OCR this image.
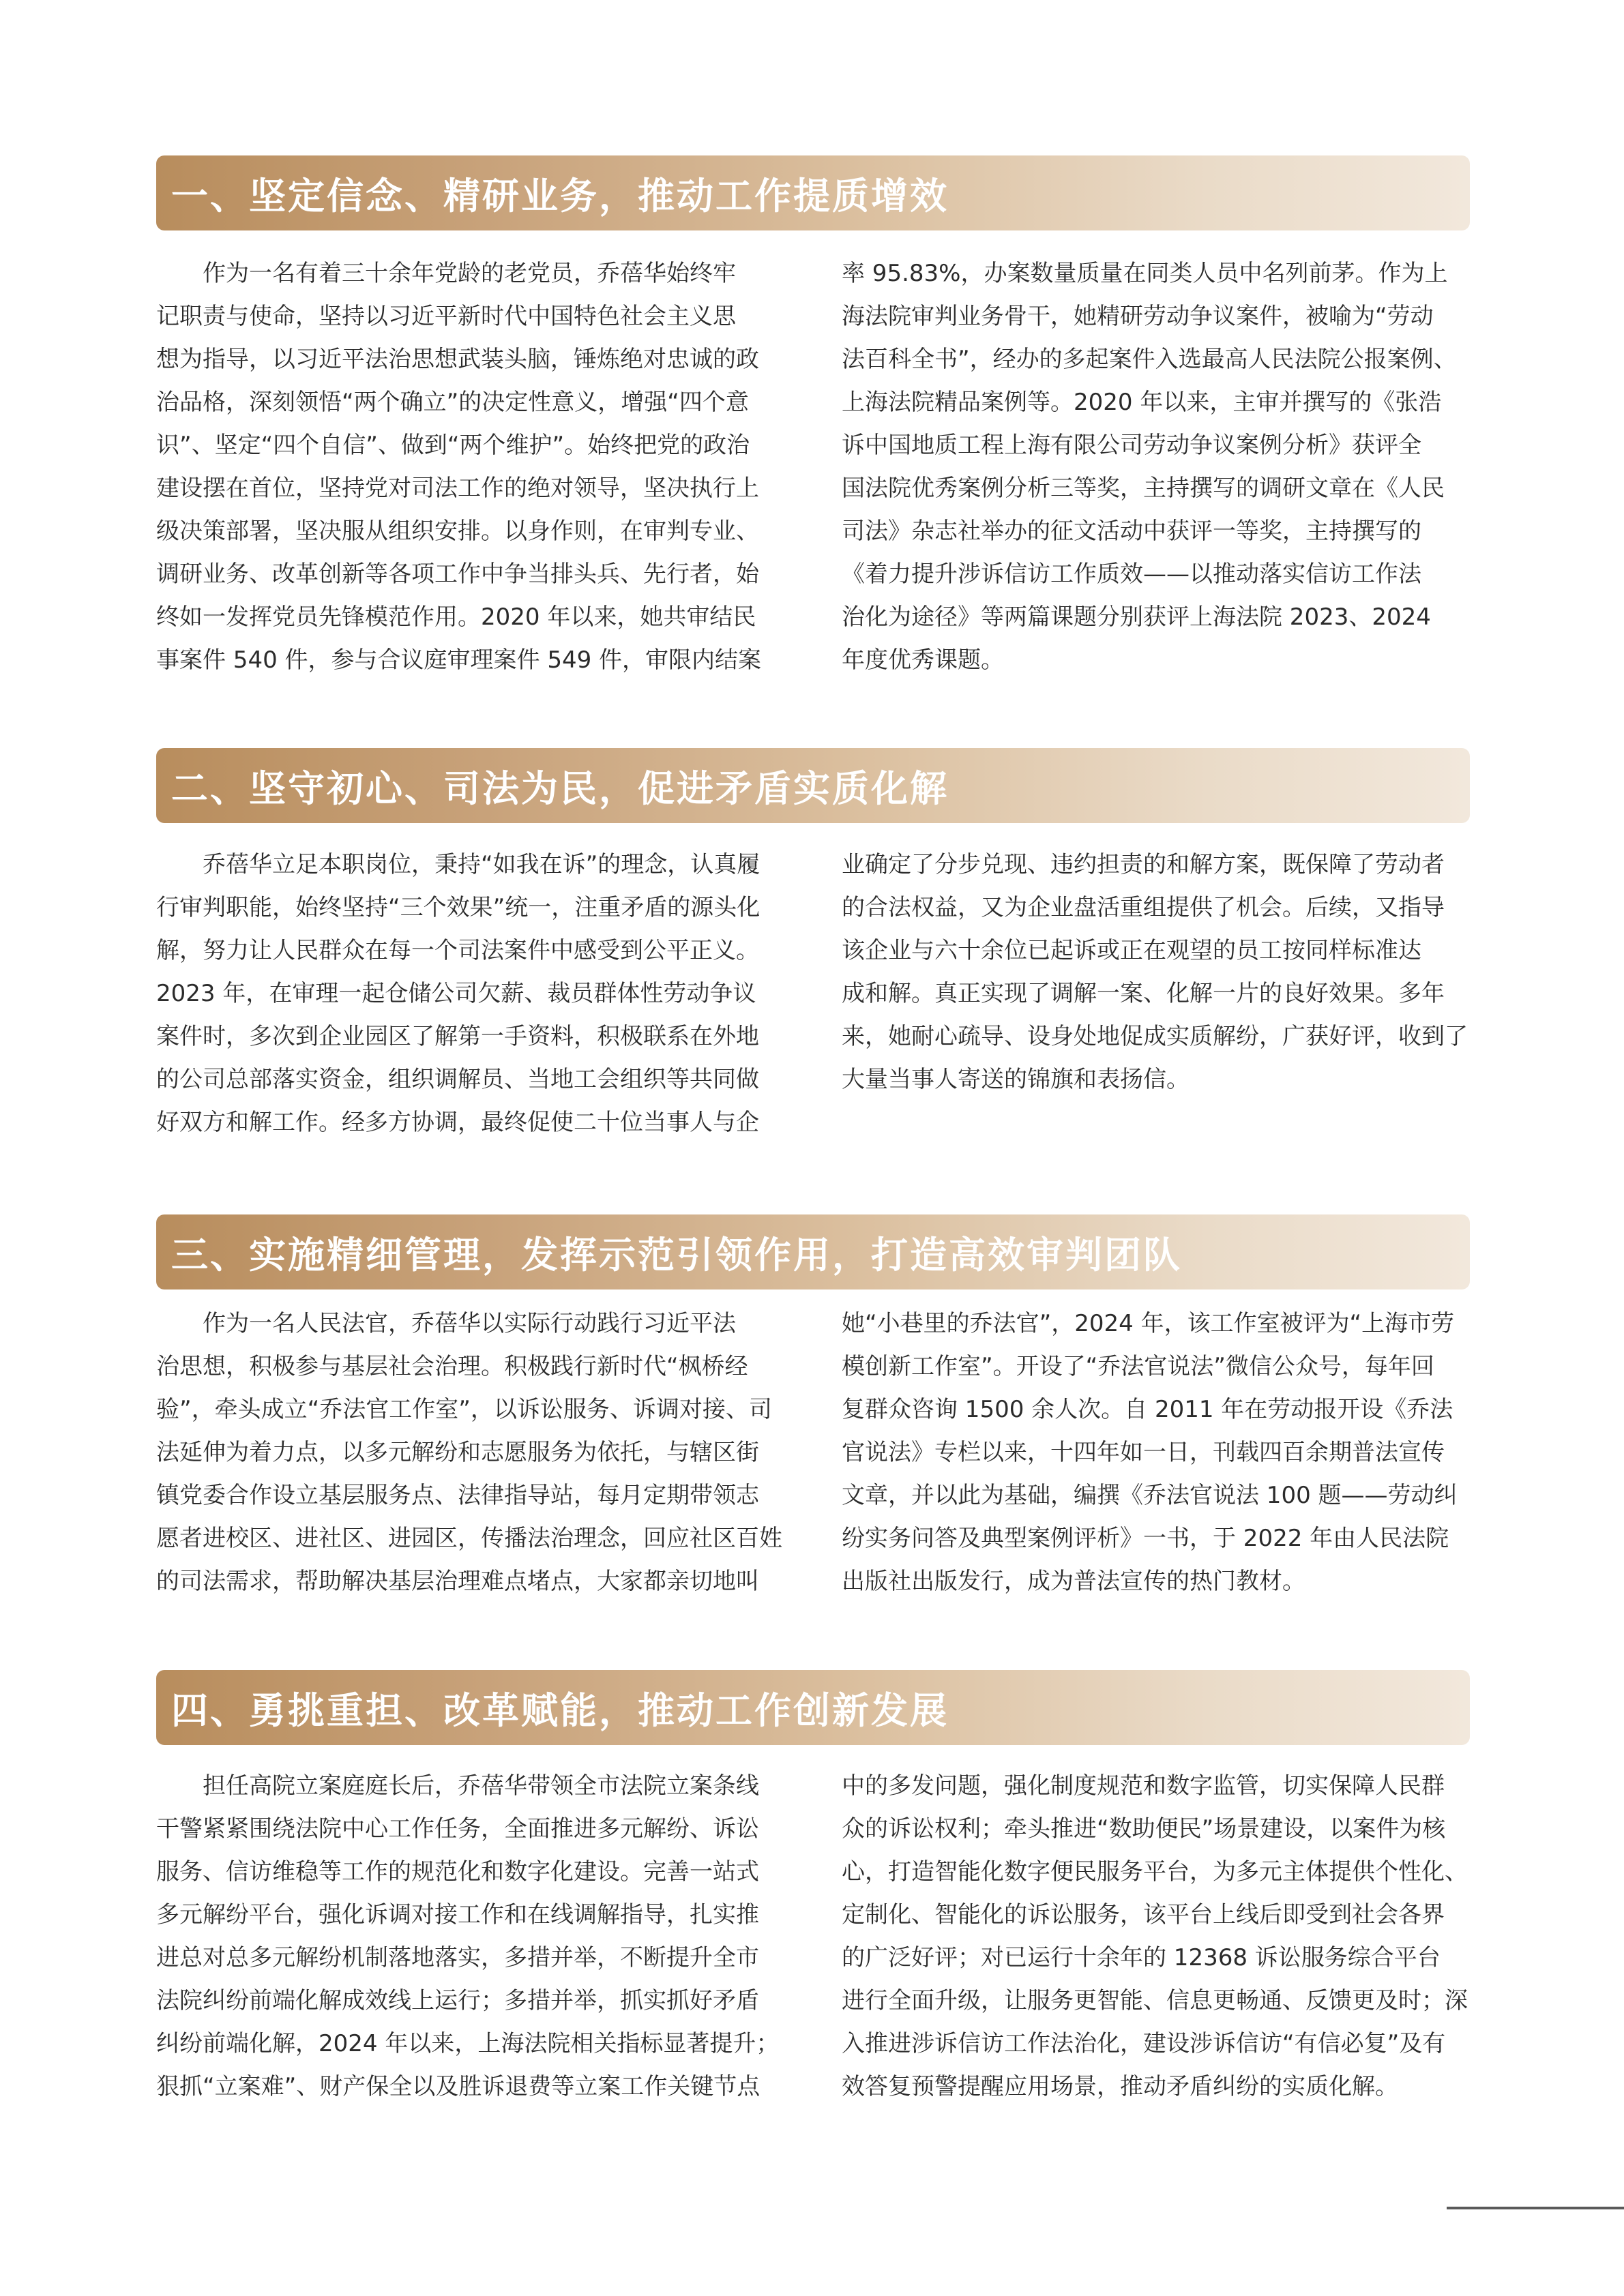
一、坚定信念、精研业务，推动工作提质增效

作为一名有着三十余年党龄的老党员，乔蓓华始终牢
记职责与使命，坚持以习近平新时代中国特色社会主义思
想为指导，以习近平法治思想武装头脑，锤炼绝对忠诚的政
治品格，深刻领悟“两个确立”的决定性意义，增强“四个意
识”、坚定“四个自信”、做到“两个维护”。始终把党的政治
建设摆在首位，坚持党对司法工作的绝对领导，坚决执行上
级决策部署，坚决服从组织安排。以身作则，在审判专业、
调研业务、改革创新等各项工作中争当排头兵、先行者，始
终如一发挥党员先锋模范作用。2020 年以来，她共审结民
事案件 540 件，参与合议庭审理案件 549 件，审限内结案

率 95.83%，办案数量质量在同类人员中名列前茅。作为上
海法院审判业务骨干，她精研劳动争议案件，被喻为“劳动
法百科全书”，经办的多起案件入选最高人民法院公报案例、
上海法院精品案例等。2020 年以来，主审并撰写的《张浩
诉中国地质工程上海有限公司劳动争议案例分析》获评全
国法院优秀案例分析三等奖，主持撰写的调研文章在《人民
司法》杂志社举办的征文活动中获评一等奖，主持撰写的
《着力提升涉诉信访工作质效——以推动落实信访工作法
治化为途径》等两篇课题分别获评上海法院 2023、2024
年度优秀课题。

二、坚守初心、司法为民，促进矛盾实质化解

乔蓓华立足本职岗位，秉持“如我在诉”的理念，认真履
行审判职能，始终坚持“三个效果”统一，注重矛盾的源头化
解，努力让人民群众在每一个司法案件中感受到公平正义。
2023 年，在审理一起仓储公司欠薪、裁员群体性劳动争议
案件时，多次到企业园区了解第一手资料，积极联系在外地
的公司总部落实资金，组织调解员、当地工会组织等共同做
好双方和解工作。经多方协调，最终促使二十位当事人与企

业确定了分步兑现、违约担责的和解方案，既保障了劳动者
的合法权益，又为企业盘活重组提供了机会。后续，又指导
该企业与六十余位已起诉或正在观望的员工按同样标准达
成和解。真正实现了调解一案、化解一片的良好效果。多年
来，她耐心疏导、设身处地促成实质解纷，广获好评，收到了
大量当事人寄送的锦旗和表扬信。

三、实施精细管理，发挥示范引领作用，打造高效审判团队

作为一名人民法官，乔蓓华以实际行动践行习近平法
治思想，积极参与基层社会治理。积极践行新时代“枫桥经
验”，牵头成立“乔法官工作室”，以诉讼服务、诉调对接、司
法延伸为着力点，以多元解纷和志愿服务为依托，与辖区街
镇党委合作设立基层服务点、法律指导站，每月定期带领志
愿者进校区、进社区、进园区，传播法治理念，回应社区百姓
的司法需求，帮助解决基层治理难点堵点，大家都亲切地叫

她“小巷里的乔法官”，2024 年，该工作室被评为“上海市劳
模创新工作室”。开设了“乔法官说法”微信公众号，每年回
复群众咨询 1500 余人次。自 2011 年在劳动报开设《乔法
官说法》专栏以来，十四年如一日，刊载四百余期普法宣传
文章，并以此为基础，编撰《乔法官说法 100 题——劳动纠
纷实务问答及典型案例评析》一书，于 2022 年由人民法院
出版社出版发行，成为普法宣传的热门教材。

四、勇挑重担、改革赋能，推动工作创新发展

担任高院立案庭庭长后，乔蓓华带领全市法院立案条线
干警紧紧围绕法院中心工作任务，全面推进多元解纷、诉讼
服务、信访维稳等工作的规范化和数字化建设。完善一站式
多元解纷平台，强化诉调对接工作和在线调解指导，扎实推
进总对总多元解纷机制落地落实，多措并举，不断提升全市
法院纠纷前端化解成效线上运行；多措并举，抓实抓好矛盾
纠纷前端化解，2024 年以来，上海法院相关指标显著提升；
狠抓“立案难”、财产保全以及胜诉退费等立案工作关键节点

中的多发问题，强化制度规范和数字监管，切实保障人民群
众的诉讼权利；牵头推进“数助便民”场景建设，以案件为核
心，打造智能化数字便民服务平台，为多元主体提供个性化、
定制化、智能化的诉讼服务，该平台上线后即受到社会各界
的广泛好评；对已运行十余年的 12368 诉讼服务综合平台
进行全面升级，让服务更智能、信息更畅通、反馈更及时；深
入推进涉诉信访工作法治化，建设涉诉信访“有信必复”及有
效答复预警提醒应用场景，推动矛盾纠纷的实质化解。
